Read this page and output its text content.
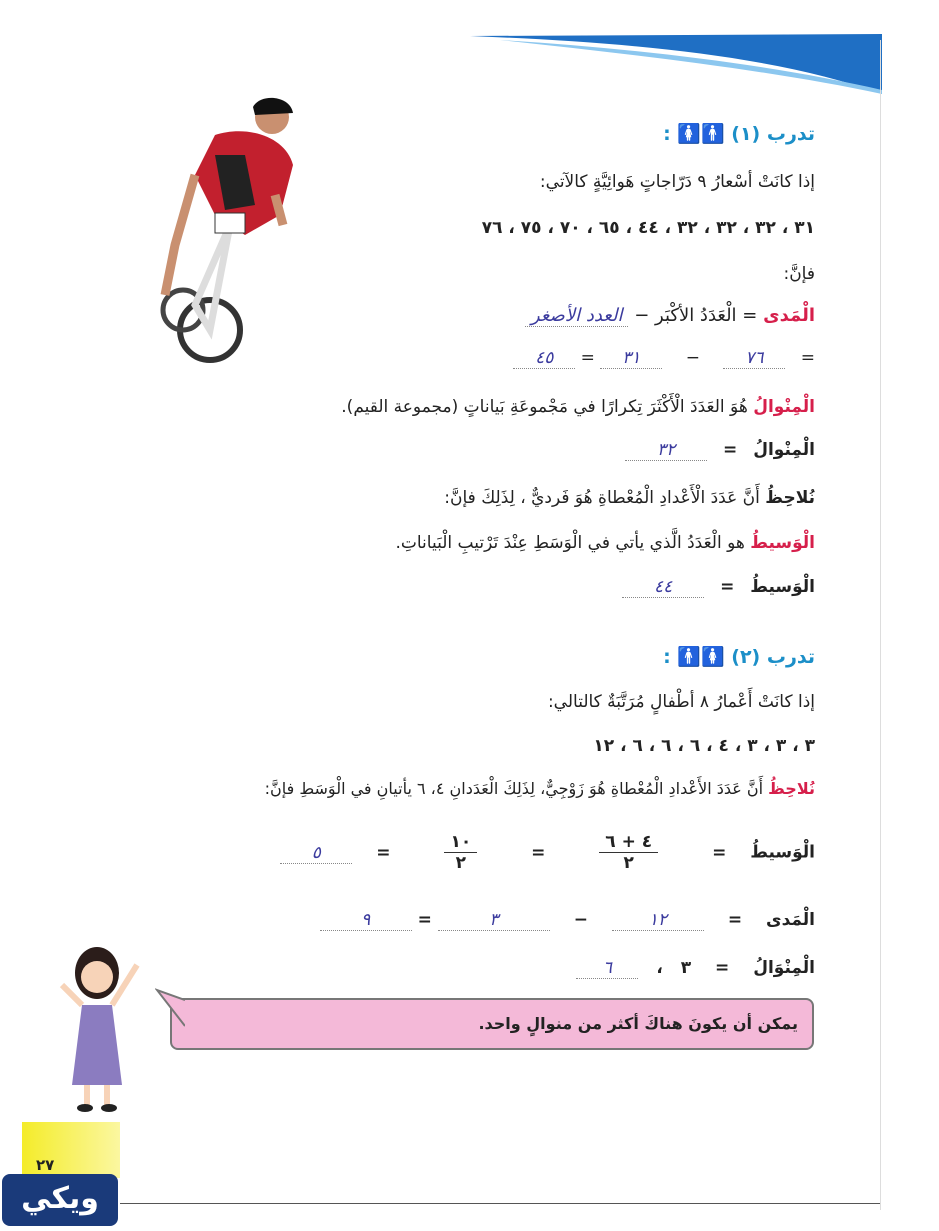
تدرب (١) 🚹🚺 :
إذا كانَتْ أسْعارُ ٩ دَرّاجاتٍ هَوائِيَّةٍ كالآتي:
٣١ ، ٣٢ ، ٣٢ ، ٣٢ ، ٤٤ ، ٦٥ ، ٧٠ ، ٧٥ ، ٧٦
فإنَّ:
الْمَدى = الْعَدَدُ الأكْبَر − العدد الأصغر
= ٧٦ − ٣١ = ٤٥
الْمِنْوالُ هُوَ العَدَدَ الْأَكْثَرَ تِكرارًا في مَجْموعَةِ بَياناتٍ (مجموعة القيم).
الْمِنْوالُ = ٣٢
نُلاحِظُ أَنَّ عَدَدَ الْأَعْدادِ الْمُعْطاةِ هُوَ فَرديٌّ ، لِذَلِكَ فإنَّ:
الْوَسيطُ هو الْعَدَدُ الَّذي يأتي في الْوَسَطِ عِنْدَ تَرْتيبِ الْبَياناتِ.
الْوَسيطُ = ٤٤
تدرب (٢) 🚺🚹 :
إذا كانَتْ أَعْمارُ ٨ أطْفالٍ مُرَتَّبَةٌ كالتالي:
٣ ، ٣ ، ٣ ، ٤ ، ٦ ، ٦ ، ٦ ، ١٢
نُلاحِظُ أَنَّ عَدَدَ الأَعْدادِ الْمُعْطاةِ هُوَ زَوْجِيٌّ، لِذَلِكَ الْعَدَدانِ ٤، ٦ يأتيانِ في الْوَسَطِ فإنَّ:
الْوَسيطُ =
$\frac{٤ + ٦}{٢}$
=
$\frac{١٠}{٢}$
= ٥
الْمَدى = ١٢ − ٣ = ٩
الْمِنْوَالُ = ٣ ، ٦
يمكن أن يكونَ هناكَ أكثر من منوالٍ واحد.
٢٧
ويكي
